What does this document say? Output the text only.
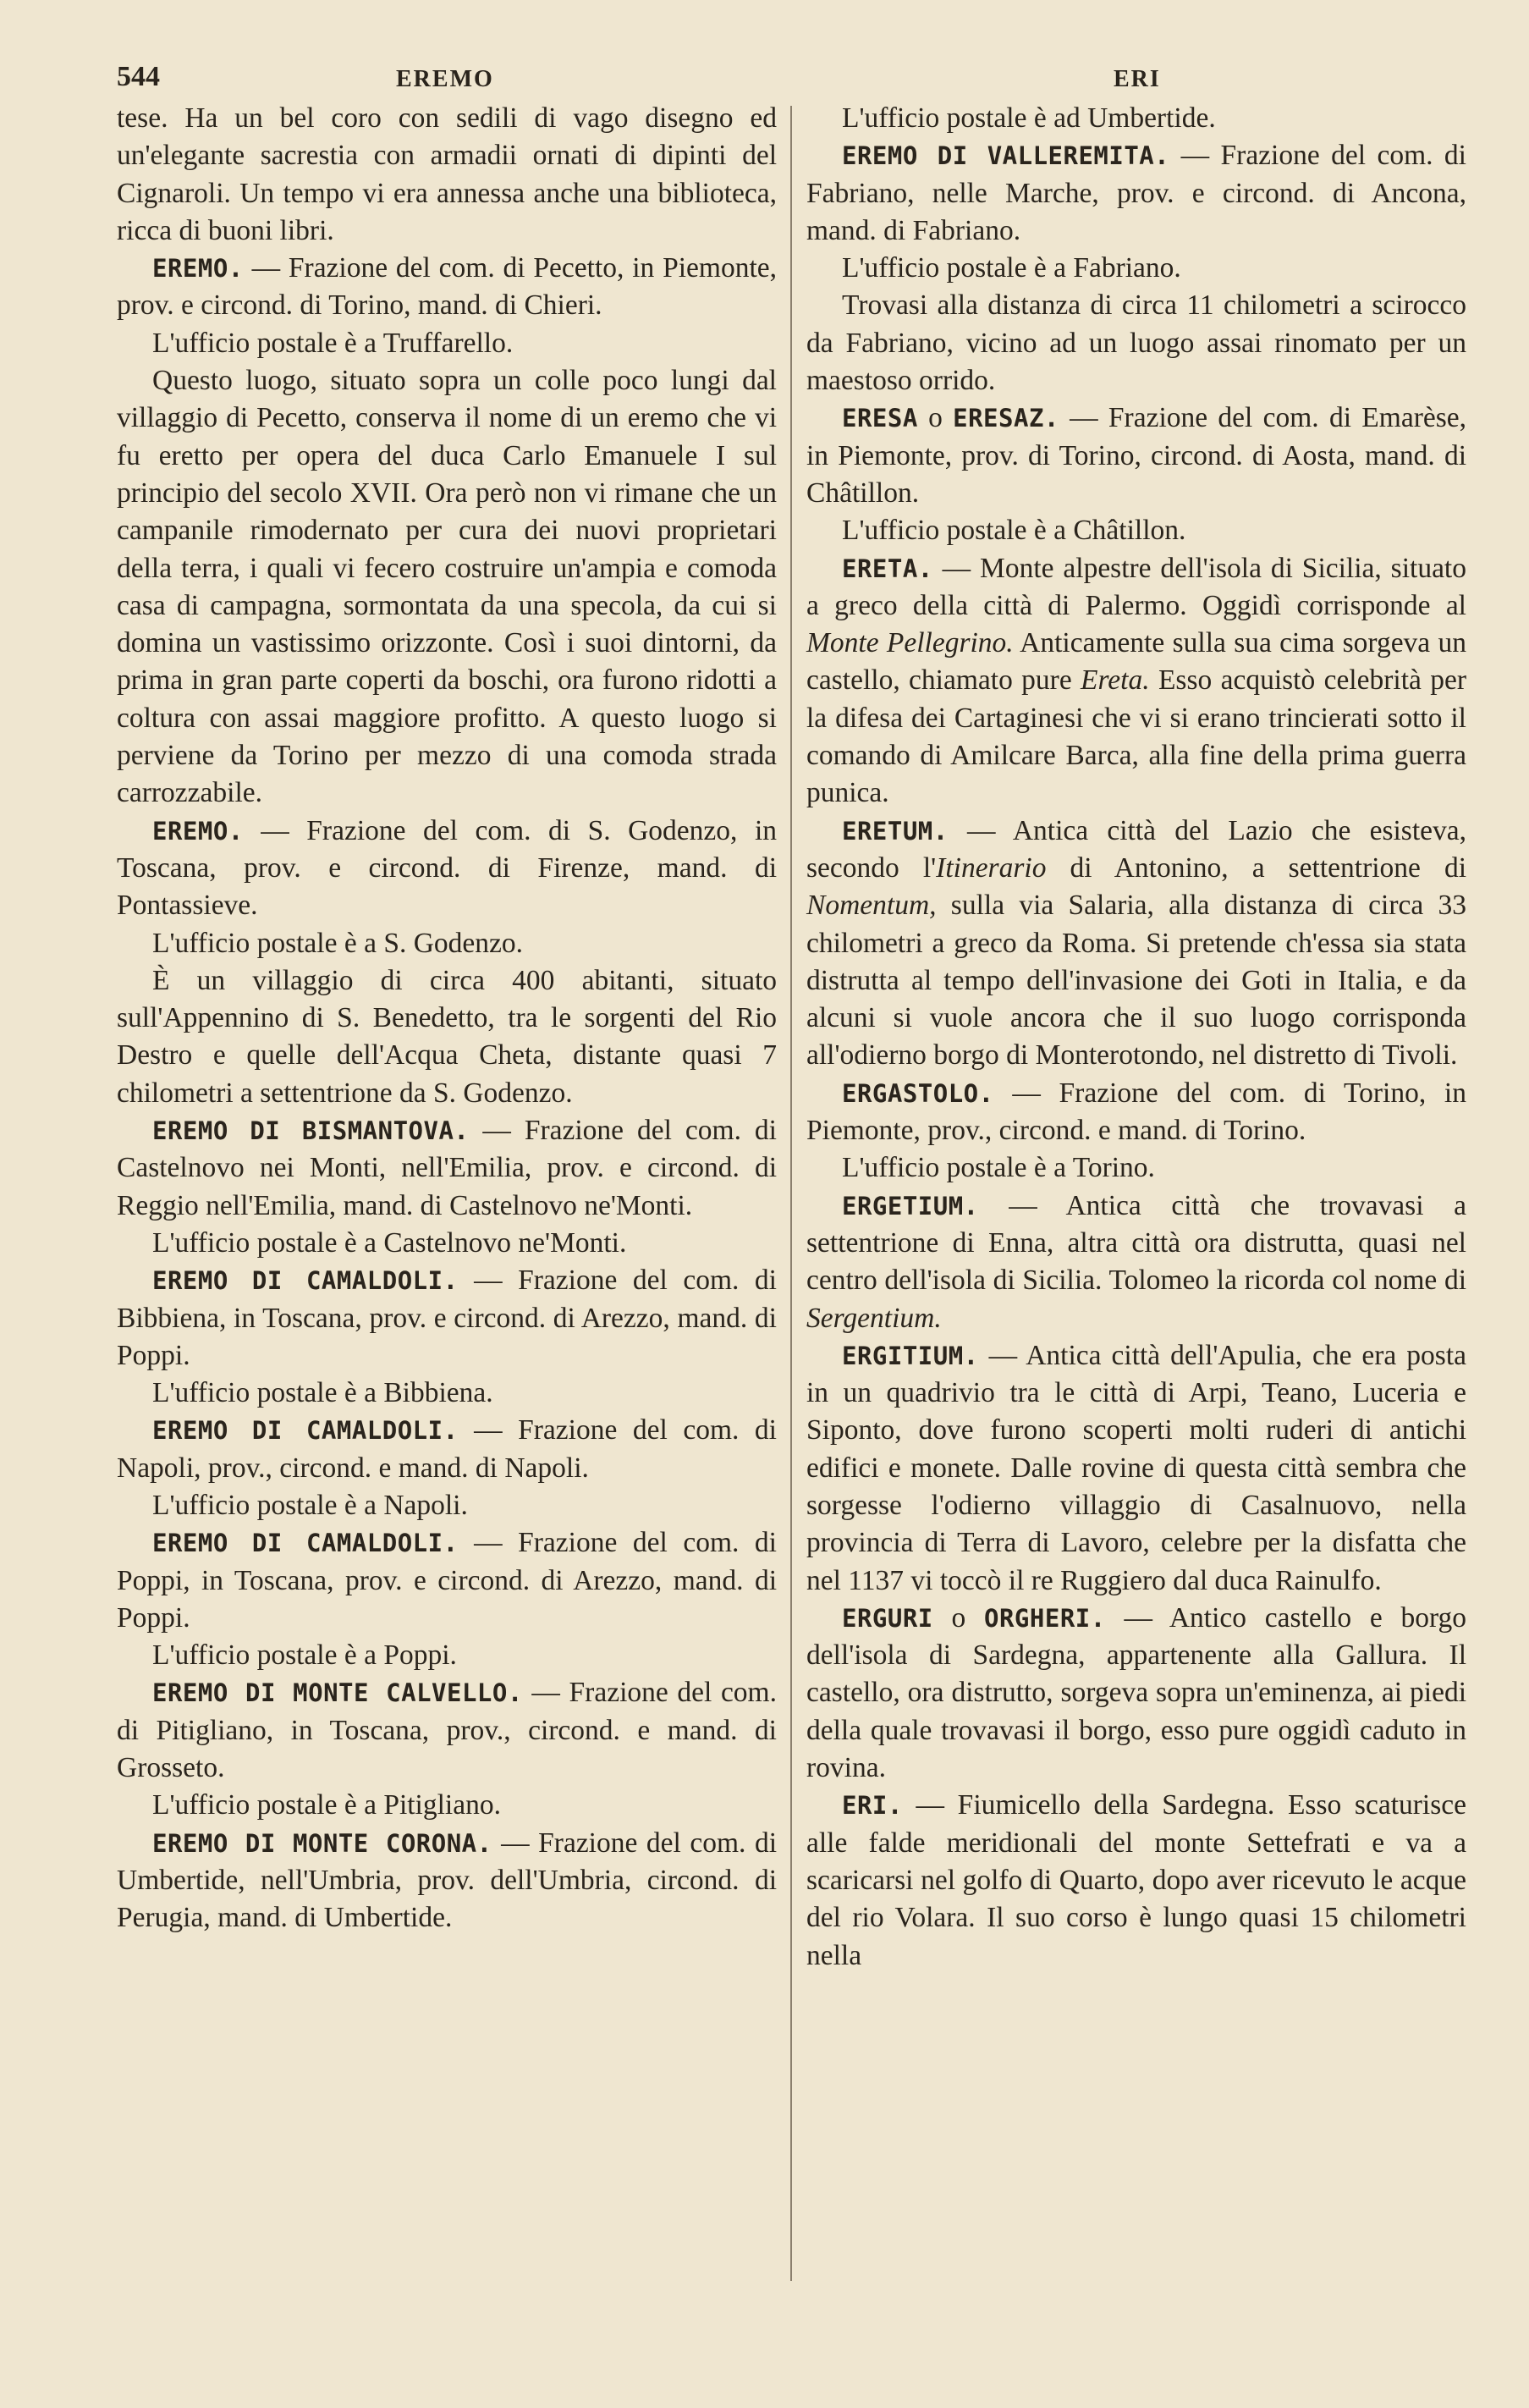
544	EREMO	ERI

tese. Ha un bel coro con sedili di vago disegno ed un'elegante sacrestia con armadii ornati di dipinti del Cignaroli. Un tempo vi era annessa anche una biblioteca, ricca di buoni libri.

EREMO. — Frazione del com. di Pecetto, in Piemonte, prov. e circond. di Torino, mand. di Chieri.

L'ufficio postale è a Truffarello.

Questo luogo, situato sopra un colle poco lungi dal villaggio di Pecetto, conserva il nome di un eremo che vi fu eretto per opera del duca Carlo Emanuele I sul principio del secolo XVII. Ora però non vi rimane che un campanile rimodernato per cura dei nuovi proprietari della terra, i quali vi fecero costruire un'ampia e comoda casa di campagna, sormontata da una specola, da cui si domina un vastissimo orizzonte. Così i suoi dintorni, da prima in gran parte coperti da boschi, ora furono ridotti a coltura con assai maggiore profitto. A questo luogo si perviene da Torino per mezzo di una comoda strada carrozzabile.

EREMO. — Frazione del com. di S. Godenzo, in Toscana, prov. e circond. di Firenze, mand. di Pontassieve.

L'ufficio postale è a S. Godenzo.

È un villaggio di circa 400 abitanti, situato sull'Appennino di S. Benedetto, tra le sorgenti del Rio Destro e quelle dell'Acqua Cheta, distante quasi 7 chilometri a settentrione da S. Godenzo.

EREMO DI BISMANTOVA. — Frazione del com. di Castelnovo nei Monti, nell'Emilia, prov. e circond. di Reggio nell'Emilia, mand. di Castelnovo ne'Monti.

L'ufficio postale è a Castelnovo ne'Monti.

EREMO DI CAMALDOLI. — Frazione del com. di Bibbiena, in Toscana, prov. e circond. di Arezzo, mand. di Poppi.

L'ufficio postale è a Bibbiena.

EREMO DI CAMALDOLI. — Frazione del com. di Napoli, prov., circond. e mand. di Napoli.

L'ufficio postale è a Napoli.

EREMO DI CAMALDOLI. — Frazione del com. di Poppi, in Toscana, prov. e circond. di Arezzo, mand. di Poppi.

L'ufficio postale è a Poppi.

EREMO DI MONTE CALVELLO. — Frazione del com. di Pitigliano, in Toscana, prov., circond. e mand. di Grosseto.

L'ufficio postale è a Pitigliano.

EREMO DI MONTE CORONA. — Frazione del com. di Umbertide, nell'Umbria, prov. dell'Umbria, circond. di Perugia, mand. di Umbertide.

L'ufficio postale è ad Umbertide.

EREMO DI VALLEREMITA. — Frazione del com. di Fabriano, nelle Marche, prov. e circond. di Ancona, mand. di Fabriano.

L'ufficio postale è a Fabriano.

Trovasi alla distanza di circa 11 chilometri a scirocco da Fabriano, vicino ad un luogo assai rinomato per un maestoso orrido.

ERESA o ERESAZ. — Frazione del com. di Emarèse, in Piemonte, prov. di Torino, circond. di Aosta, mand. di Châtillon.

L'ufficio postale è a Châtillon.

ERETA. — Monte alpestre dell'isola di Sicilia, situato a greco della città di Palermo. Oggidì corrisponde al Monte Pellegrino. Anticamente sulla sua cima sorgeva un castello, chiamato pure Ereta. Esso acquistò celebrità per la difesa dei Cartaginesi che vi si erano trincierati sotto il comando di Amilcare Barca, alla fine della prima guerra punica.

ERETUM. — Antica città del Lazio che esisteva, secondo l'Itinerario di Antonino, a settentrione di Nomentum, sulla via Salaria, alla distanza di circa 33 chilometri a greco da Roma. Si pretende ch'essa sia stata distrutta al tempo dell'invasione dei Goti in Italia, e da alcuni si vuole ancora che il suo luogo corrisponda all'odierno borgo di Monterotondo, nel distretto di Tivoli.

ERGASTOLO. — Frazione del com. di Torino, in Piemonte, prov., circond. e mand. di Torino.

L'ufficio postale è a Torino.

ERGETIUM. — Antica città che trovavasi a settentrione di Enna, altra città ora distrutta, quasi nel centro dell'isola di Sicilia. Tolomeo la ricorda col nome di Sergentium.

ERGITIUM. — Antica città dell'Apulia, che era posta in un quadrivio tra le città di Arpi, Teano, Luceria e Siponto, dove furono scoperti molti ruderi di antichi edifici e monete. Dalle rovine di questa città sembra che sorgesse l'odierno villaggio di Casalnuovo, nella provincia di Terra di Lavoro, celebre per la disfatta che nel 1137 vi toccò il re Ruggiero dal duca Rainulfo.

ERGURI o ORGHERI. — Antico castello e borgo dell'isola di Sardegna, appartenente alla Gallura. Il castello, ora distrutto, sorgeva sopra un'eminenza, ai piedi della quale trovavasi il borgo, esso pure oggidì caduto in rovina.

ERI. — Fiumicello della Sardegna. Esso scaturisce alle falde meridionali del monte Settefrati e va a scaricarsi nel golfo di Quarto, dopo aver ricevuto le acque del rio Volara. Il suo corso è lungo quasi 15 chilometri nella
